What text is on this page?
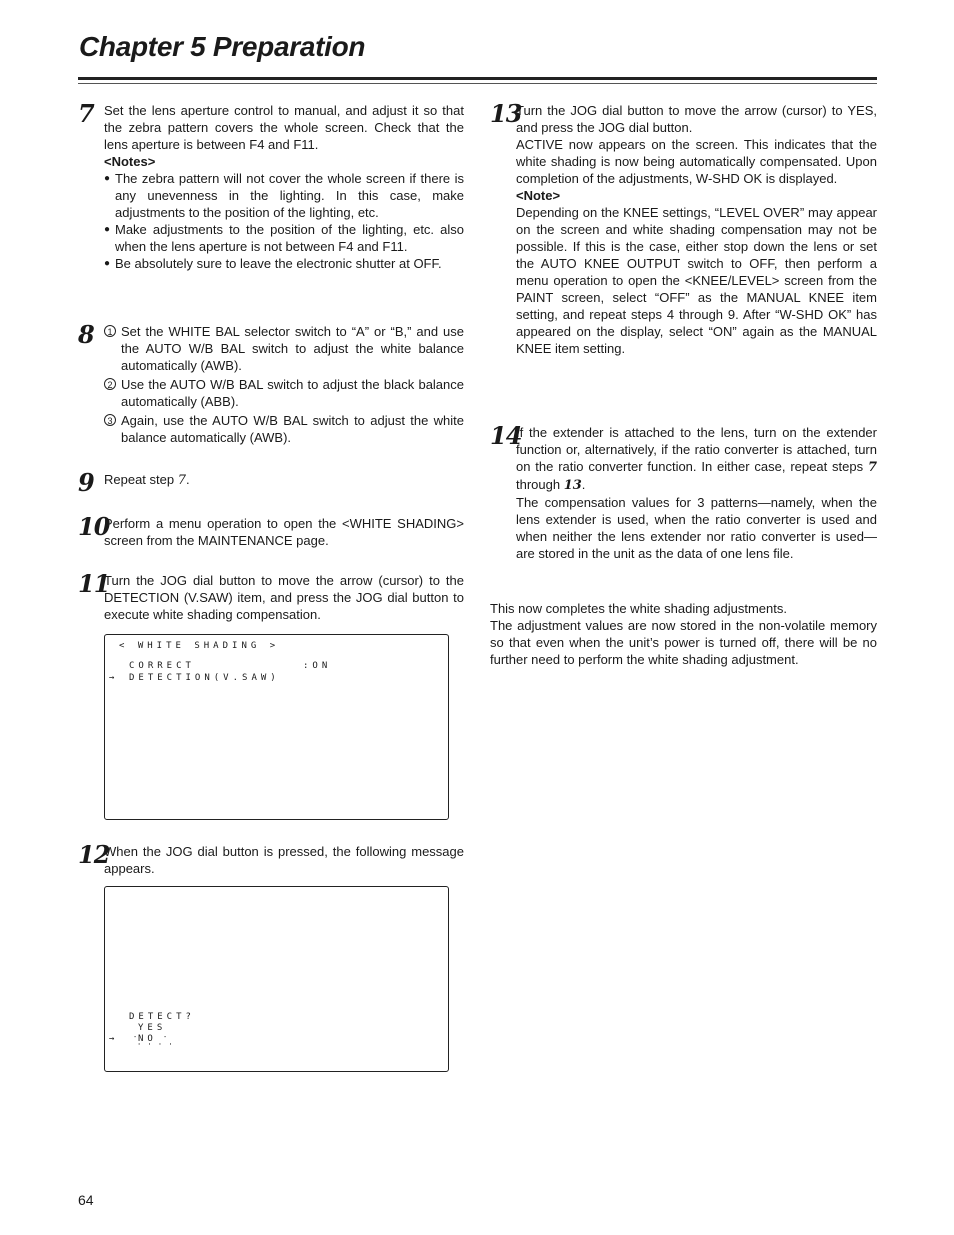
Chapter 5 Preparation
7 Set the lens aperture control to manual, and adjust it so that the zebra pattern covers the whole screen. Check that the lens aperture is between F4 and F11.

<Notes>

● The zebra pattern will not cover the whole screen if there is any unevenness in the lighting. In this case, make adjustments to the position of the lighting, etc.
● Make adjustments to the position of the lighting, etc. also when the lens aperture is not between F4 and F11.
● Be absolutely sure to leave the electronic shutter at OFF.
8	1 Set the WHITE BAL selector switch to “A” or “B,” and use the AUTO W/B BAL switch to adjust the white balance automatically (AWB).
2 Use the AUTO W/B BAL switch to adjust the black balance automatically (ABB).
3 Again, use the AUTO W/B BAL switch to adjust the white balance automatically (AWB).
9 Repeat step 7.

10

Perform a menu operation to open the <WHITE SHADING> screen from the MAINTENANCE page.

11

Turn the JOG dial button to move the arrow (cursor) to the DETECTION (V.SAW) item, and press the JOG dial button to execute white shading compensation.

< WHITE SHADING >
CORRECT	:ON
→ DETECTION(V.SAW)
12

When the JOG dial button is pressed, the following message appears.

DETECT?
YES
→ NO
-	-
' ' ' '
13

Turn the JOG dial button to move the arrow (cursor) to YES, and press the JOG dial button.

ACTIVE now appears on the screen. This indicates that the white shading is now being automatically compensated. Upon completion of the adjustments, W-SHD OK is displayed.

<Note>

Depending on the KNEE settings, “LEVEL OVER” may appear on the screen and white shading compensation may not be possible. If this is the case, either stop down the lens or set the AUTO KNEE OUTPUT switch to OFF, then perform a menu operation to open the <KNEE/LEVEL> screen from the PAINT screen, select “OFF” as the MANUAL KNEE item setting, and repeat steps 4 through 9. After “W-SHD OK” has appeared on the display, select “ON” again as the MANUAL KNEE item setting.

14

If the extender is attached to the lens, turn on the extender function or, alternatively, if the ratio converter is attached, turn on the ratio converter function. In either case, repeat steps 7 through 13.

The compensation values for 3 patterns—namely, when the lens extender is used, when the ratio converter is used and when neither the lens extender nor ratio converter is used—are stored in the unit as the data of one lens file.

This now completes the white shading adjustments.

The adjustment values are now stored in the non-volatile memory so that even when the unit’s power is turned off, there will be no further need to perform the white shading adjustment.

64
